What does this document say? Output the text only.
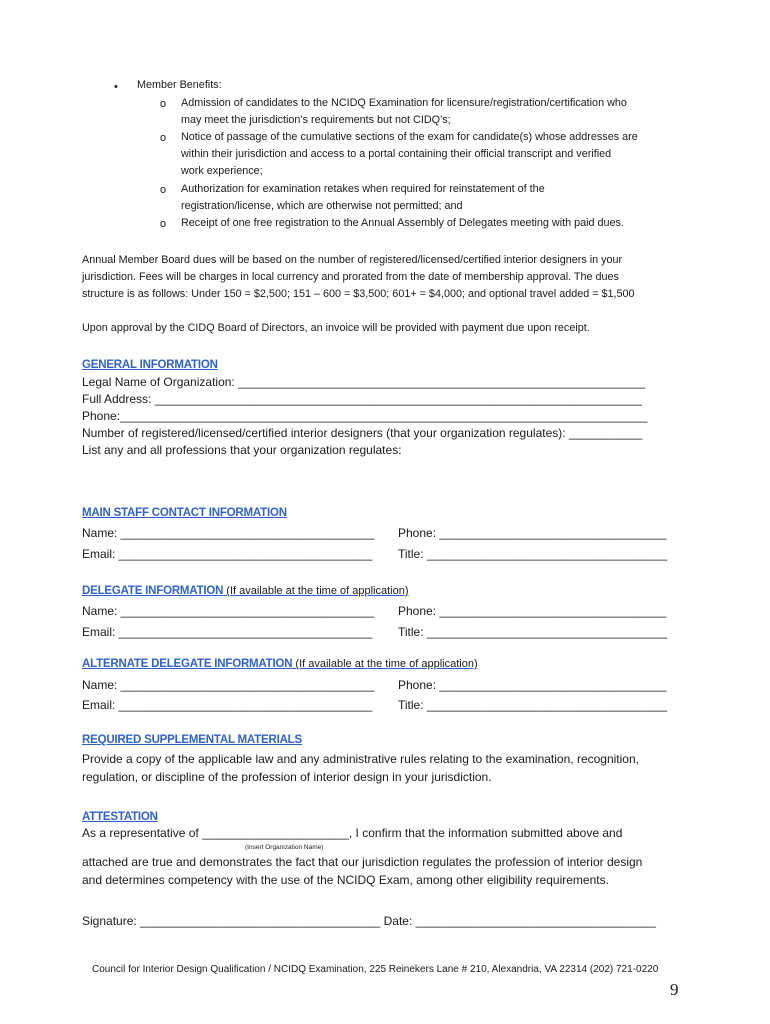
• Member Benefits:
o Admission of candidates to the NCIDQ Examination for licensure/registration/certification who
may meet the jurisdiction’s requirements but not CIDQ’s;
o Notice of passage of the cumulative sections of the exam for candidate(s) whose addresses are
within their jurisdiction and access to a portal containing their official transcript and verified
work experience;
o Authorization for examination retakes when required for reinstatement of the
registration/license, which are otherwise not permitted; and
o Receipt of one free registration to the Annual Assembly of Delegates meeting with paid dues.
Annual Member Board dues will be based on the number of registered/licensed/certified interior designers in your
jurisdiction. Fees will be charges in local currency and prorated from the date of membership approval. The dues
structure is as follows: Under 150 = $2,500; 151 – 600 = $3,500; 601+ = $4,000; and optional travel added = $1,500
Upon approval by the CIDQ Board of Directors, an invoice will be provided with payment due upon receipt.
GENERAL INFORMATION
Legal Name of Organization: _____________________________________________________________
Full Address: _________________________________________________________________________
Phone:_______________________________________________________________________________
Number of registered/licensed/certified interior designers (that your organization regulates): ___________
List any and all professions that your organization regulates:
MAIN STAFF CONTACT INFORMATION
Name: ______________________________________ Phone: __________________________________
Email: ______________________________________ Title: ____________________________________
DELEGATE INFORMATION (If available at the time of application)
Name: ______________________________________ Phone: __________________________________
Email: ______________________________________ Title: ____________________________________
ALTERNATE DELEGATE INFORMATION (If available at the time of application)
Name: ______________________________________ Phone: __________________________________
Email: ______________________________________ Title: ____________________________________
REQUIRED SUPPLEMENTAL MATERIALS
Provide a copy of the applicable law and any administrative rules relating to the examination, recognition,
regulation, or discipline of the profession of interior design in your jurisdiction.
ATTESTATION
As a representative of ______________________, I confirm that the information submitted above and
(Insert Organization Name)
attached are true and demonstrates the fact that our jurisdiction regulates the profession of interior design
and determines competency with the use of the NCIDQ Exam, among other eligibility requirements.
Signature: ____________________________________ Date: ____________________________________
Council for Interior Design Qualification / NCIDQ Examination, 225 Reinekers Lane # 210, Alexandria, VA 22314 (202) 721-0220
9
